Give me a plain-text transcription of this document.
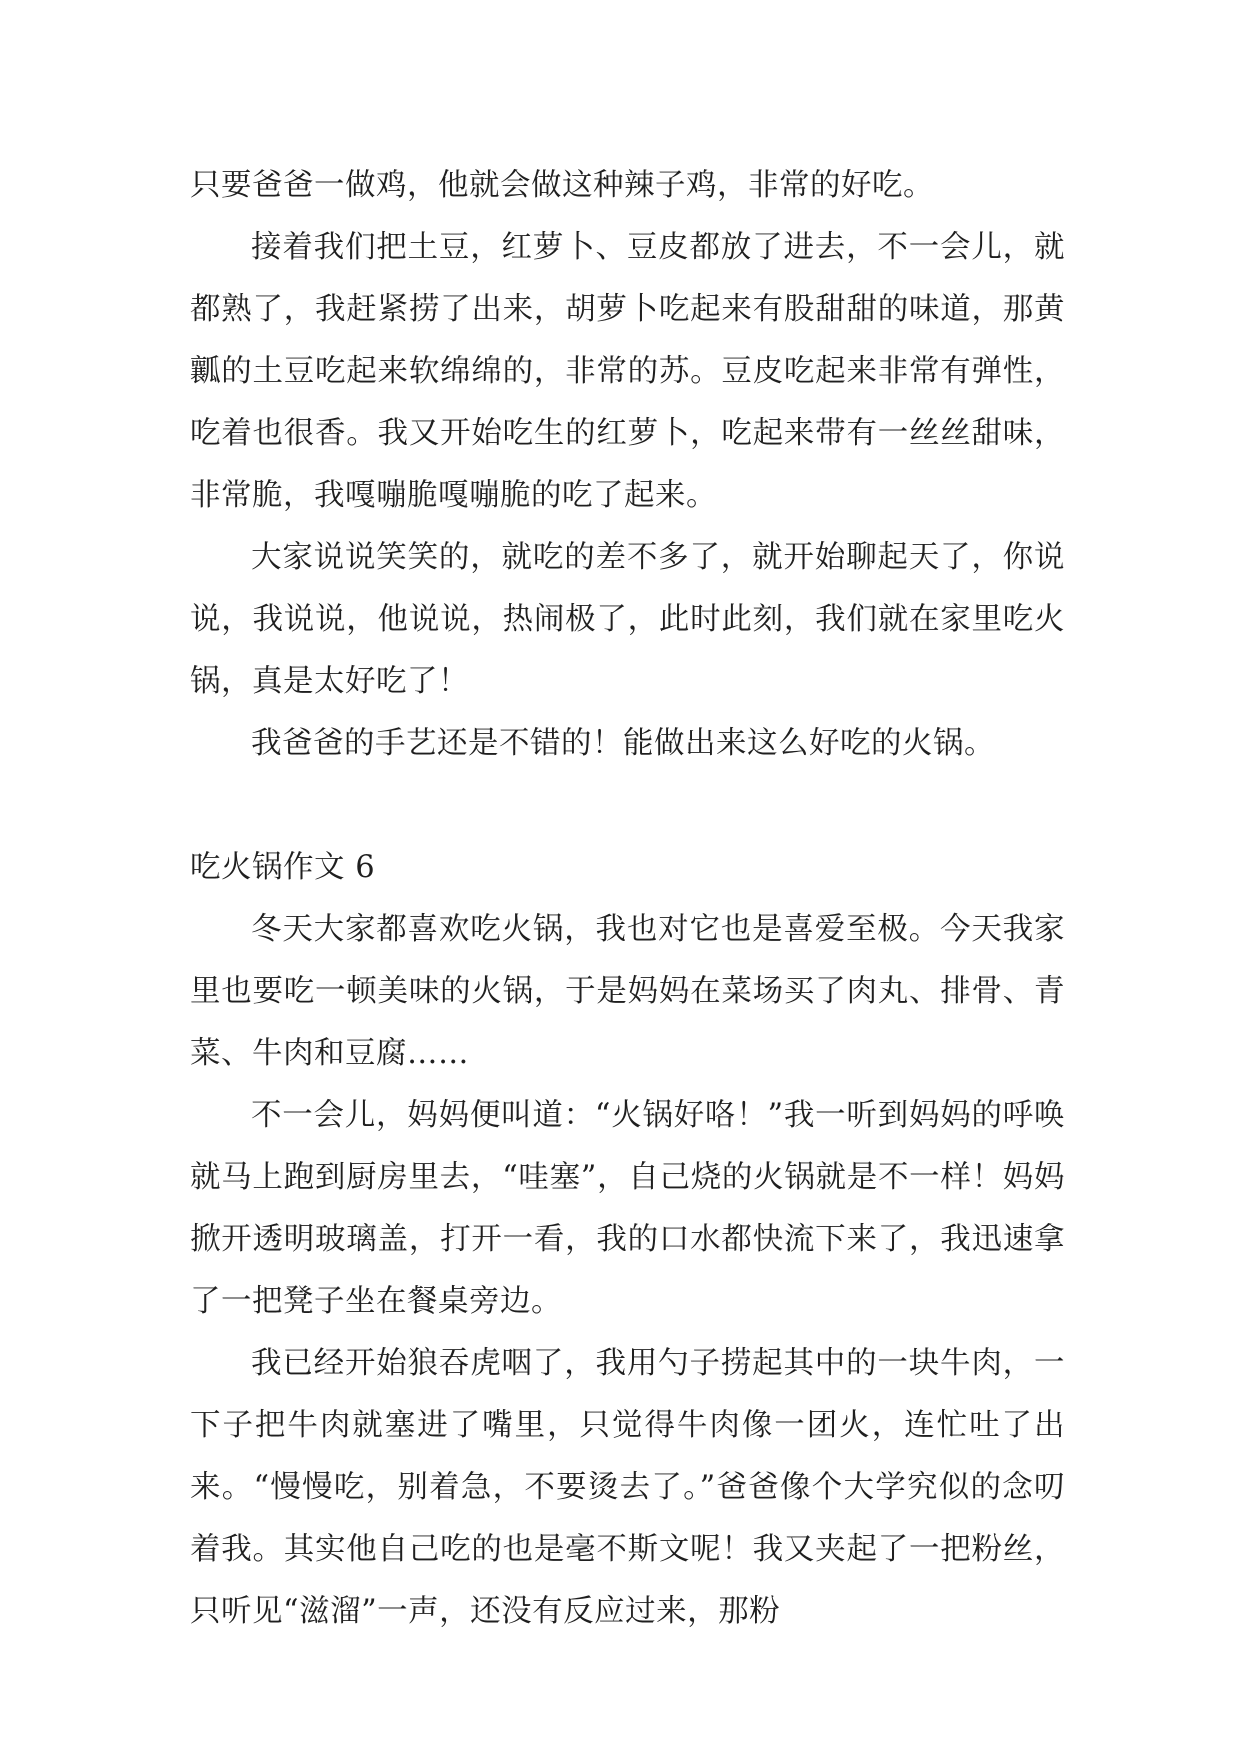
只要爸爸一做鸡，他就会做这种辣子鸡，非常的好吃。

接着我们把土豆，红萝卜、豆皮都放了进去，不一会儿，就都熟了，我赶紧捞了出来，胡萝卜吃起来有股甜甜的味道，那黄瓤的土豆吃起来软绵绵的，非常的苏。豆皮吃起来非常有弹性，吃着也很香。我又开始吃生的红萝卜，吃起来带有一丝丝甜味，非常脆，我嘎嘣脆嘎嘣脆的吃了起来。

大家说说笑笑的，就吃的差不多了，就开始聊起天了，你说说，我说说，他说说，热闹极了，此时此刻，我们就在家里吃火锅，真是太好吃了！

我爸爸的手艺还是不错的！能做出来这么好吃的火锅。

吃火锅作文 6

冬天大家都喜欢吃火锅，我也对它也是喜爱至极。今天我家里也要吃一顿美味的火锅，于是妈妈在菜场买了肉丸、排骨、青菜、牛肉和豆腐……

不一会儿，妈妈便叫道：“火锅好咯！”我一听到妈妈的呼唤就马上跑到厨房里去，“哇塞”，自己烧的火锅就是不一样！妈妈掀开透明玻璃盖，打开一看，我的口水都快流下来了，我迅速拿了一把凳子坐在餐桌旁边。

我已经开始狼吞虎咽了，我用勺子捞起其中的一块牛肉，一下子把牛肉就塞进了嘴里，只觉得牛肉像一团火，连忙吐了出来。“慢慢吃，别着急，不要烫去了。”爸爸像个大学究似的念叨着我。其实他自己吃的也是毫不斯文呢！我又夹起了一把粉丝，只听见“滋溜”一声，还没有反应过来，那粉
